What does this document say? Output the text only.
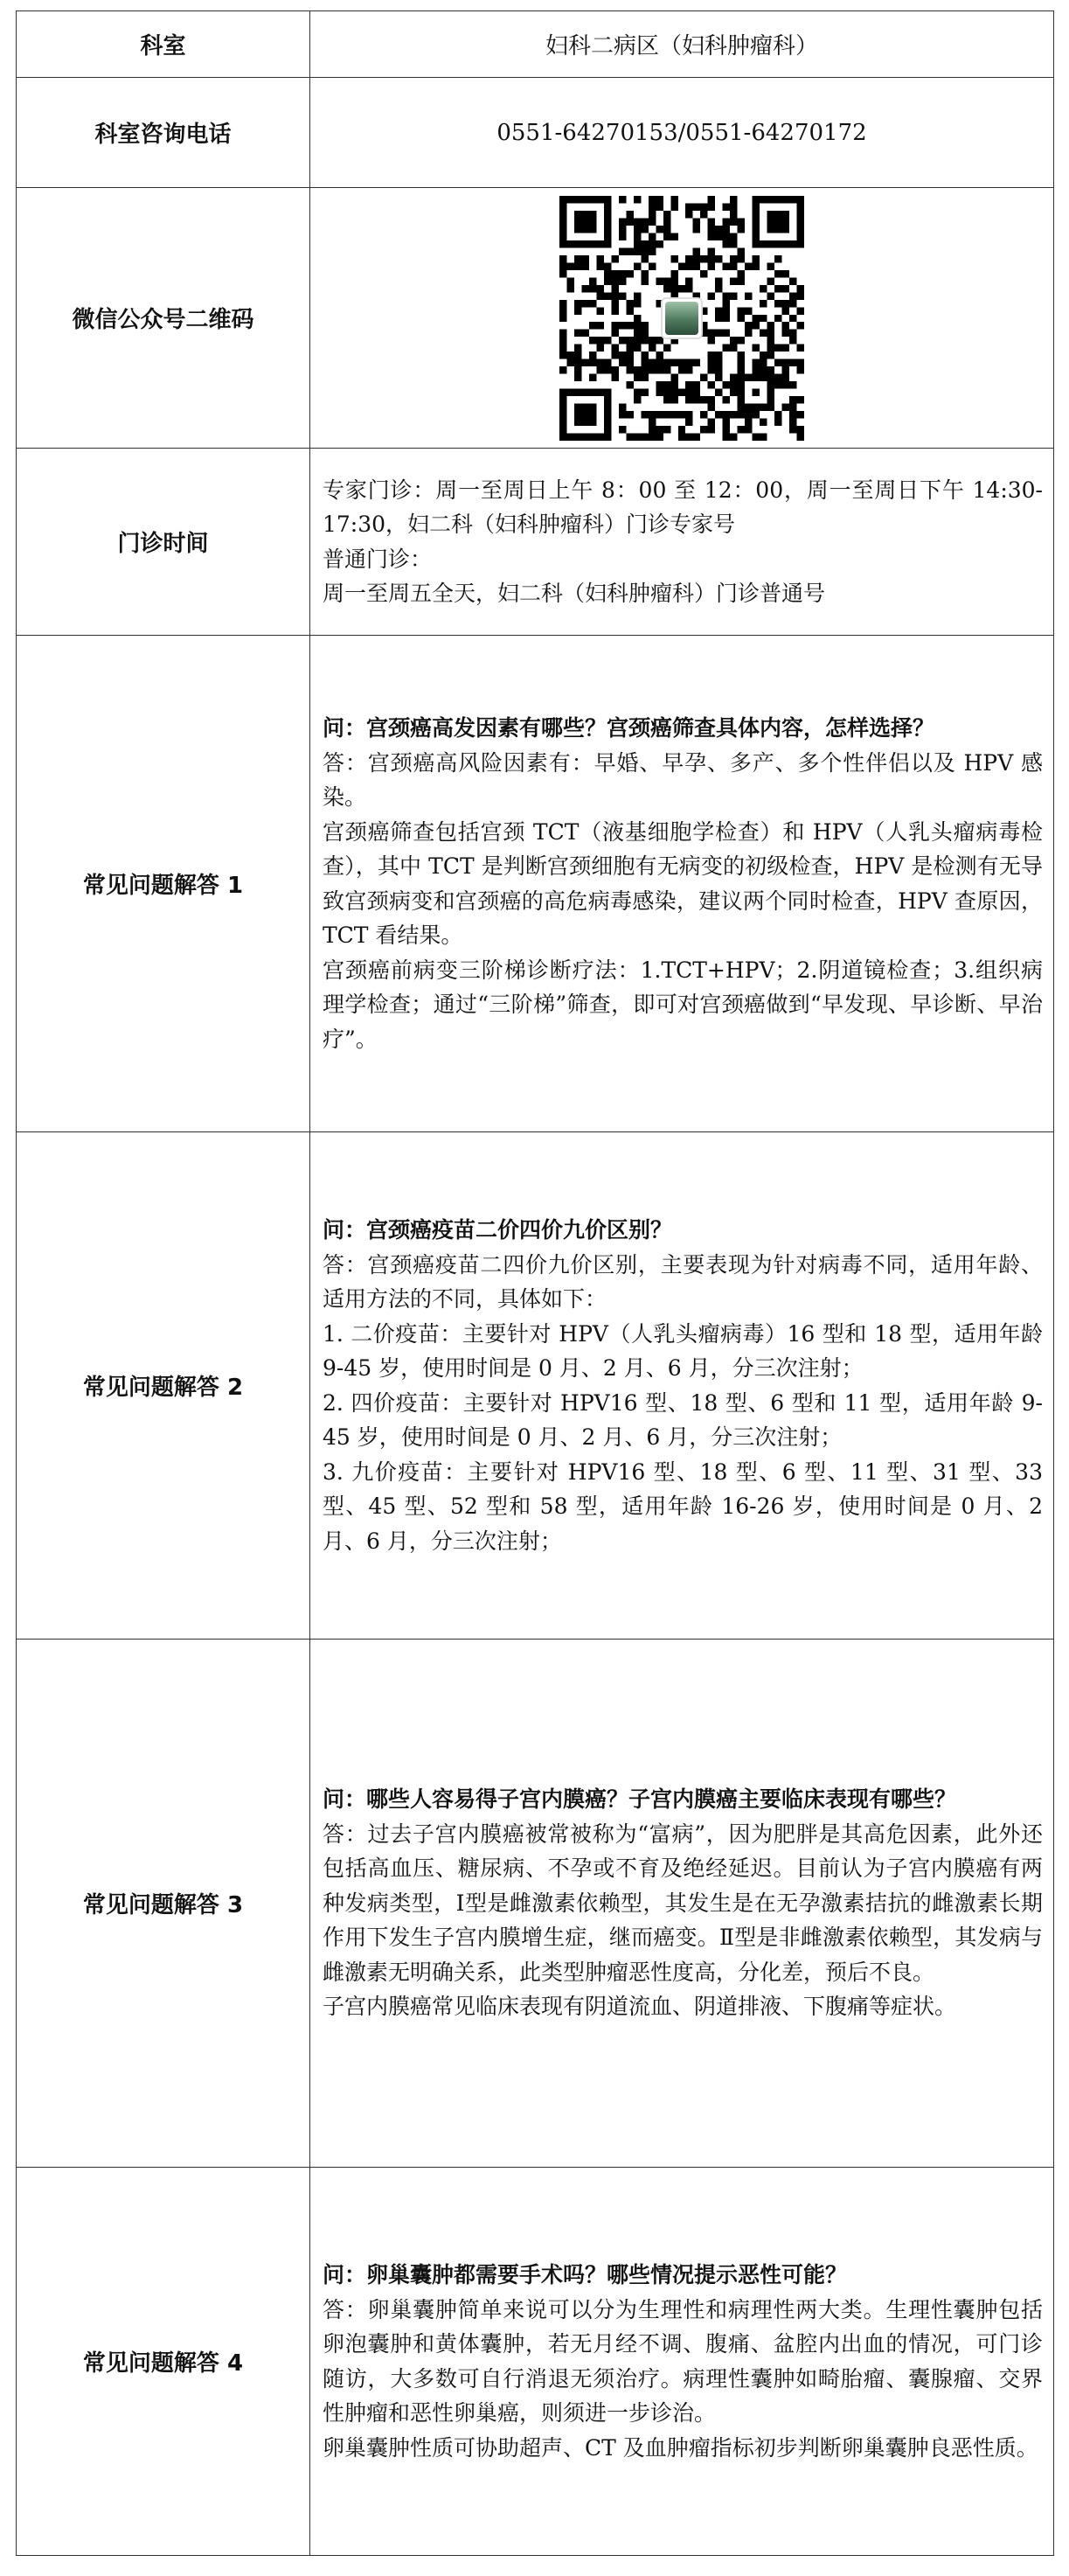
科室	妇科二病区（妇科肿瘤科）
科室咨询电话	0551-64270153/0551-64270172
微信公众号二维码	

门诊时间	专家门诊：周一至周日上午 8：00 至 12：00，周一至周日下午 14:30-17:30，妇二科（妇科肿瘤科）门诊专家号
普通门诊：
周一至周五全天，妇二科（妇科肿瘤科）门诊普通号

常见问题解答 1	问：宫颈癌高发因素有哪些？宫颈癌筛查具体内容，怎样选择？
答：宫颈癌高风险因素有：早婚、早孕、多产、多个性伴侣以及 HPV 感染。
宫颈癌筛查包括宫颈 TCT（液基细胞学检查）和 HPV（人乳头瘤病毒检查），其中 TCT 是判断宫颈细胞有无病变的初级检查，HPV 是检测有无导致宫颈病变和宫颈癌的高危病毒感染，建议两个同时检查，HPV 查原因，TCT 看结果。
宫颈癌前病变三阶梯诊断疗法：1.TCT+HPV；2.阴道镜检查；3.组织病理学检查；通过“三阶梯”筛查，即可对宫颈癌做到“早发现、早诊断、早治疗”。

常见问题解答 2	问：宫颈癌疫苗二价四价九价区别？
答：宫颈癌疫苗二四价九价区别，主要表现为针对病毒不同，适用年龄、适用方法的不同，具体如下：
1. 二价疫苗：主要针对 HPV（人乳头瘤病毒）16 型和 18 型，适用年龄 9-45 岁，使用时间是 0 月、2 月、6 月，分三次注射；
2. 四价疫苗：主要针对 HPV16 型、18 型、6 型和 11 型，适用年龄 9-45 岁，使用时间是 0 月、2 月、6 月，分三次注射；
3. 九价疫苗：主要针对 HPV16 型、18 型、6 型、11 型、31 型、33 型、45 型、52 型和 58 型，适用年龄 16-26 岁，使用时间是 0 月、2 月、6 月，分三次注射；

常见问题解答 3	问：哪些人容易得子宫内膜癌？子宫内膜癌主要临床表现有哪些？
答：过去子宫内膜癌被常被称为“富病”，因为肥胖是其高危因素，此外还包括高血压、糖尿病、不孕或不育及绝经延迟。目前认为子宫内膜癌有两种发病类型，Ⅰ型是雌激素依赖型，其发生是在无孕激素拮抗的雌激素长期作用下发生子宫内膜增生症，继而癌变。Ⅱ型是非雌激素依赖型，其发病与雌激素无明确关系，此类型肿瘤恶性度高，分化差，预后不良。
子宫内膜癌常见临床表现有阴道流血、阴道排液、下腹痛等症状。

常见问题解答 4	问：卵巢囊肿都需要手术吗？哪些情况提示恶性可能？
答：卵巢囊肿简单来说可以分为生理性和病理性两大类。生理性囊肿包括卵泡囊肿和黄体囊肿，若无月经不调、腹痛、盆腔内出血的情况，可门诊随访，大多数可自行消退无须治疗。病理性囊肿如畸胎瘤、囊腺瘤、交界性肿瘤和恶性卵巢癌，则须进一步诊治。
卵巢囊肿性质可协助超声、CT 及血肿瘤指标初步判断卵巢囊肿良恶性质。
